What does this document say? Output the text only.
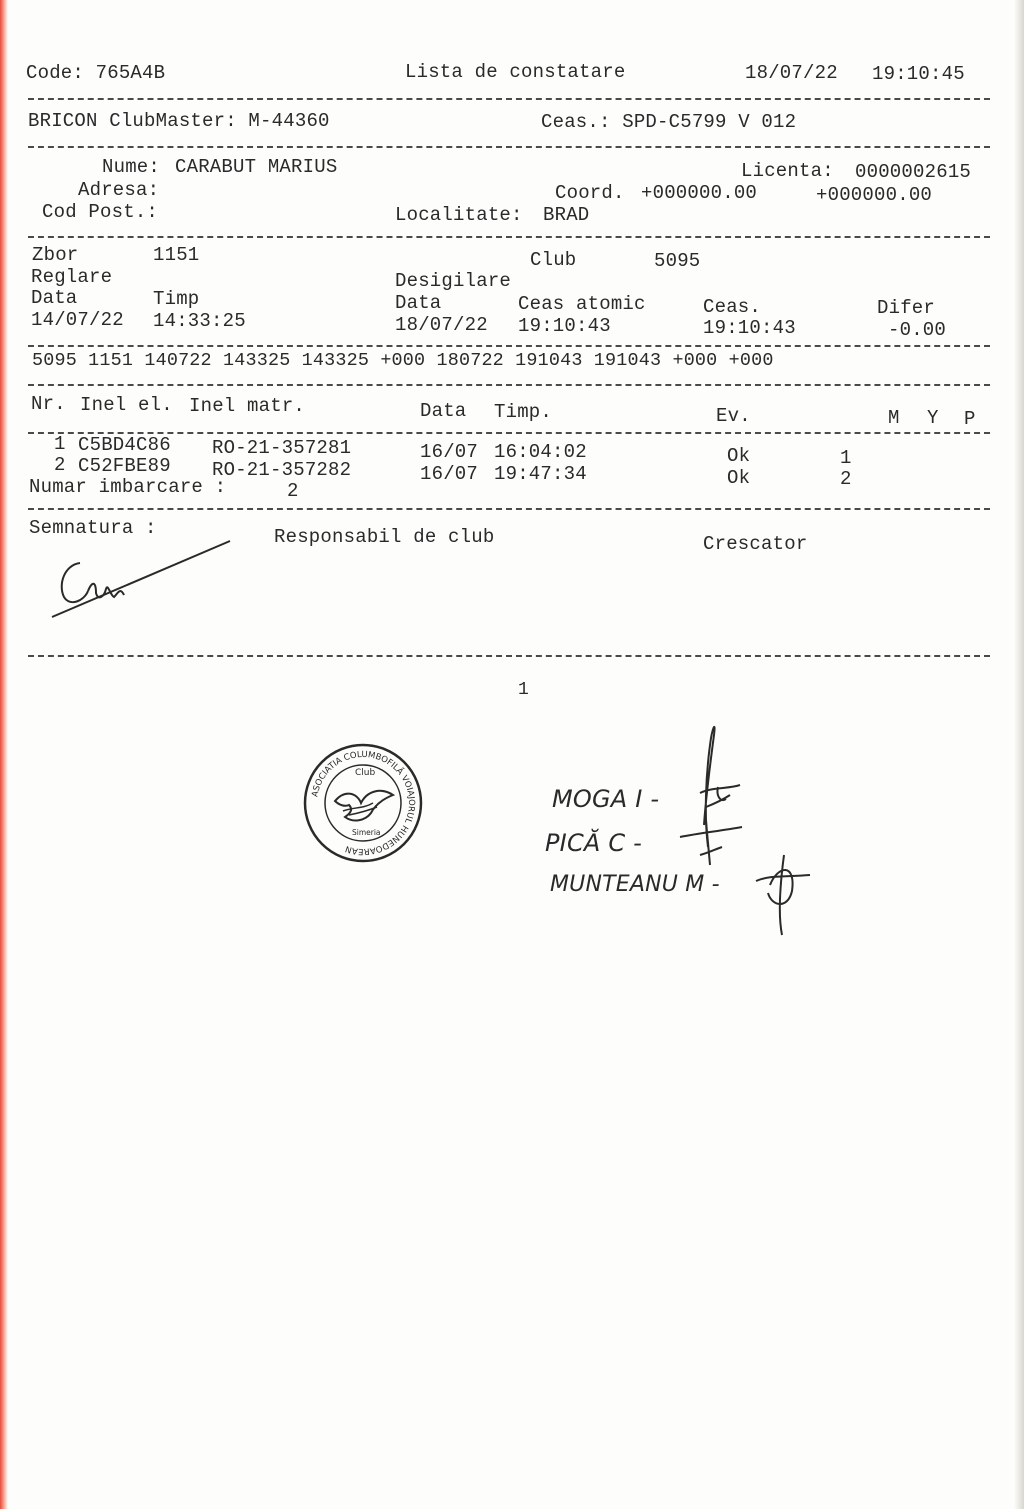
Code: 765A4B	Lista de constatare	18/07/22 19:10:45
BRICON ClubMaster: M-44360	Ceas.: SPD-C5799 V 012
Nume: CARABUT MARIUS	Licenta: 0000002615
Adresa:	Coord. +000000.00	+000000.00
Cod Post.:	Localitate: BRAD
Zbor	1151	Club	5095
Reglare	Desigilare
Data	Timp	Data	Ceas atomic	Ceas.	Difer
14/07/22 14:33:25	18/07/22 19:10:43	19:10:43	-0.00
5095 1151 140722 143325 143325 +000 180722 191043 191043 +000 +000
Nr. Inel el. Inel matr.	Data Timp.	Ev.	M Y P
1 C5BD4C86 RO-21-357281	16/07 16:04:02	Ok	1
2 C52FBE89 RO-21-357282	16/07 19:47:34	Ok	2
Numar imbarcare :	2
Semnatura :	Responsabil de club	Crescator
1
ASOCIATIA COLUMBOFILĂ VOIAJORUL HUNEDOAREAN
Club
Simeria
MOGA I -
PICĂ C -
MUNTEANU M -
